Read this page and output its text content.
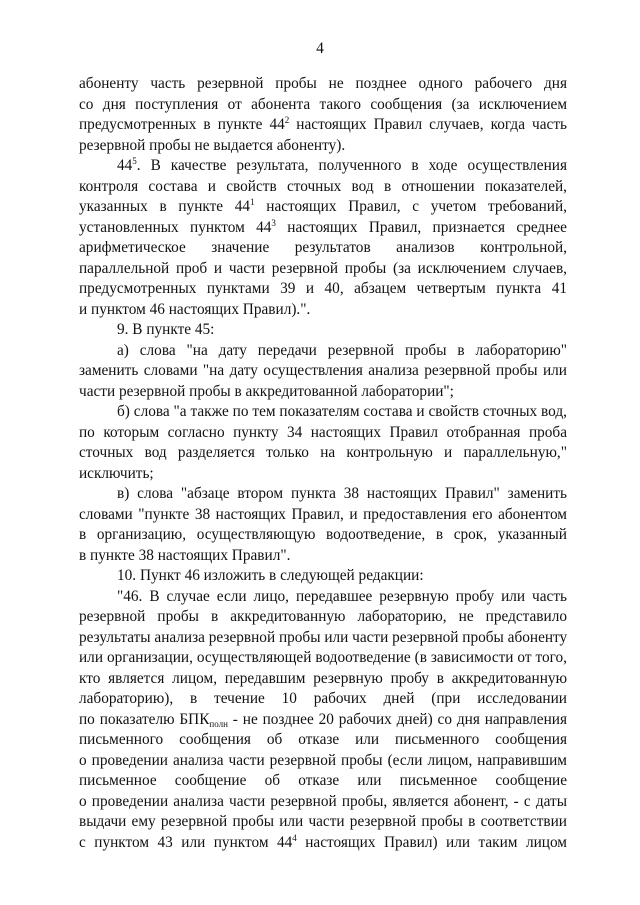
4
абоненту часть резервной пробы не позднее одного рабочего дня
со дня поступления от абонента такого сообщения (за исключением
предусмотренных в пункте $44^2$ настоящих Правил случаев, когда часть
резервной пробы не выдается абоненту).
$44^5$. В качестве результата, полученного в ходе осуществления
контроля состава и свойств сточных вод в отношении показателей,
указанных в пункте $44^1$ настоящих Правил, с учетом требований,
установленных пунктом $44^3$ настоящих Правил, признается среднее
арифметическое значение результатов анализов контрольной,
параллельной проб и части резервной пробы (за исключением случаев,
предусмотренных пунктами 39 и 40, абзацем четвертым пункта 41
и пунктом 46 настоящих Правил).".
9. В пункте 45:
а) слова "на дату передачи резервной пробы в лабораторию"
заменить словами "на дату осуществления анализа резервной пробы или
части резервной пробы в аккредитованной лаборатории";
б) слова "а также по тем показателям состава и свойств сточных вод,
по которым согласно пункту 34 настоящих Правил отобранная проба
сточных вод разделяется только на контрольную и параллельную,"
исключить;
в) слова "абзаце втором пункта 38 настоящих Правил" заменить
словами "пункте 38 настоящих Правил, и предоставления его абонентом
в организацию, осуществляющую водоотведение, в срок, указанный
в пункте 38 настоящих Правил".
10. Пункт 46 изложить в следующей редакции:
"46. В случае если лицо, передавшее резервную пробу или часть
резервной пробы в аккредитованную лабораторию, не представило
результаты анализа резервной пробы или части резервной пробы абоненту
или организации, осуществляющей водоотведение (в зависимости от того,
кто является лицом, передавшим резервную пробу в аккредитованную
лабораторию), в течение 10 рабочих дней (при исследовании
по показателю $БПК_{полн}$ - не позднее 20 рабочих дней) со дня направления
письменного сообщения об отказе или письменного сообщения
о проведении анализа части резервной пробы (если лицом, направившим
письменное сообщение об отказе или письменное сообщение
о проведении анализа части резервной пробы, является абонент, - с даты
выдачи ему резервной пробы или части резервной пробы в соответствии
с пунктом 43 или пунктом $44^4$ настоящих Правил) или таким лицом
